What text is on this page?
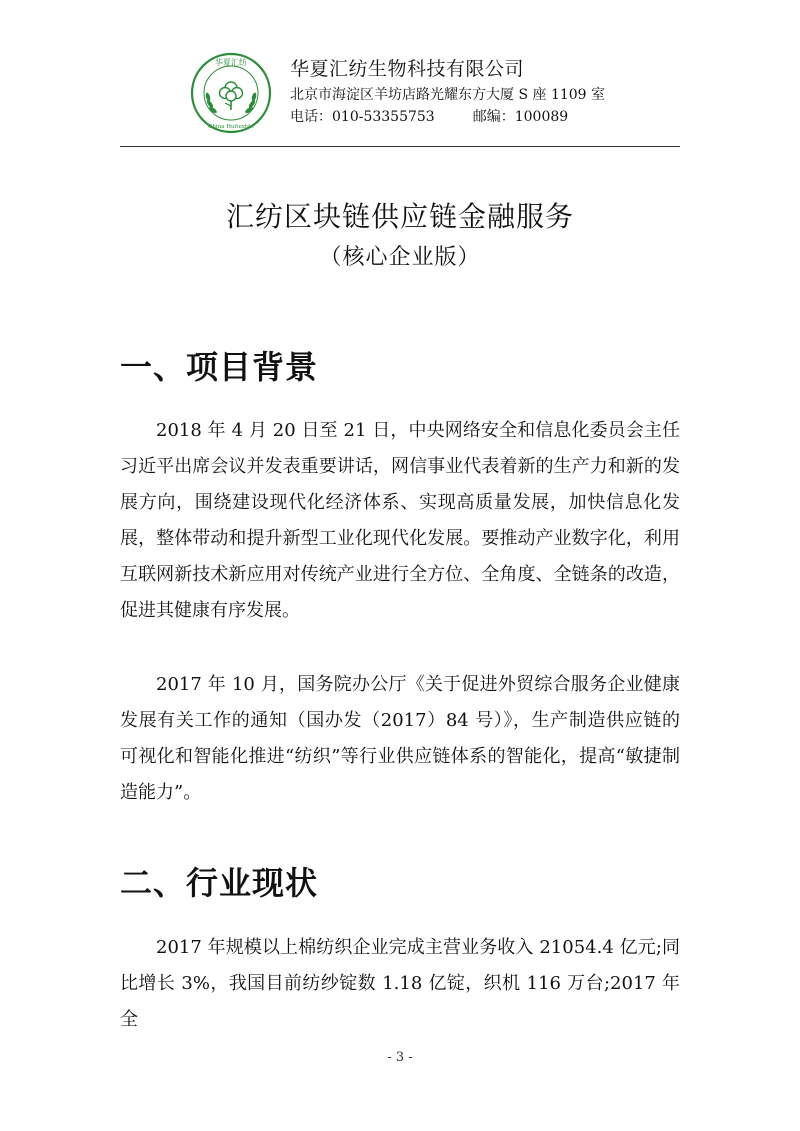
华夏汇纺
China Huitextile
华夏汇纺生物科技有限公司
北京市海淀区羊坊店路光耀东方大厦 S 座 1109 室
电话：010-53355753	邮编：100089
汇纺区块链供应链金融服务
（核心企业版）
一、项目背景
2018 年 4 月 20 日至 21 日，中央网络安全和信息化委员会主任习近平出席会议并发表重要讲话，网信事业代表着新的生产力和新的发展方向，围绕建设现代化经济体系、实现高质量发展，加快信息化发展，整体带动和提升新型工业化现代化发展。要推动产业数字化，利用互联网新技术新应用对传统产业进行全方位、全角度、全链条的改造，促进其健康有序发展。
2017 年 10 月，国务院办公厅《关于促进外贸综合服务企业健康发展有关工作的通知（国办发（2017）84 号）》，生产制造供应链的可视化和智能化推进“纺织”等行业供应链体系的智能化，提高“敏捷制造能力”。
二、行业现状
2017 年规模以上棉纺织企业完成主营业务收入 21054.4 亿元;同比增长 3%，我国目前纺纱锭数 1.18 亿锭，织机 116 万台;2017 年全
- 3 -
